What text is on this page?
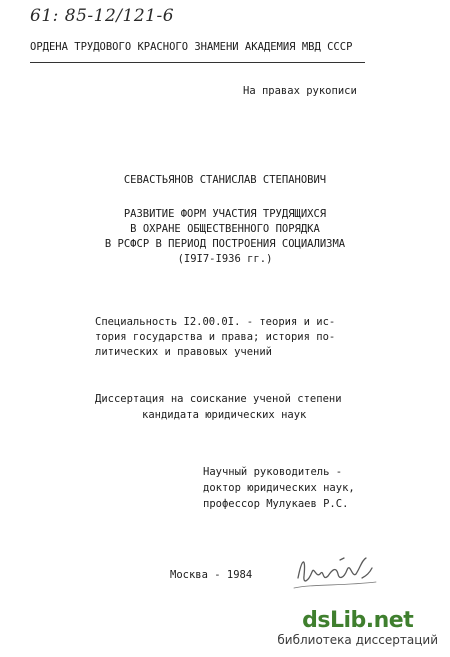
61: 85-12/121-6
ОРДЕНА ТРУДОВОГО КРАСНОГО ЗНАМЕНИ АКАДЕМИЯ МВД СССР
На правах рукописи
СЕВАСТЬЯНОВ СТАНИСЛАВ СТЕПАНОВИЧ
РАЗВИТИЕ ФОРМ УЧАСТИЯ ТРУДЯЩИХСЯ
В ОХРАНЕ ОБЩЕСТВЕННОГО ПОРЯДКА
В РСФСР В ПЕРИОД ПОСТРОЕНИЯ СОЦИАЛИЗМА
(I9I7-I936 гг.)
Специальность I2.00.0I. - теория и ис-
тория государства и права; история по-
литических и правовых учений
Диссертация на соискание ученой степени
кандидата юридических наук
Научный руководитель -
доктор юридических наук,
профессор Мулукаев Р.С.
Москва - 1984
dsLib.net
библиотека диссертаций
